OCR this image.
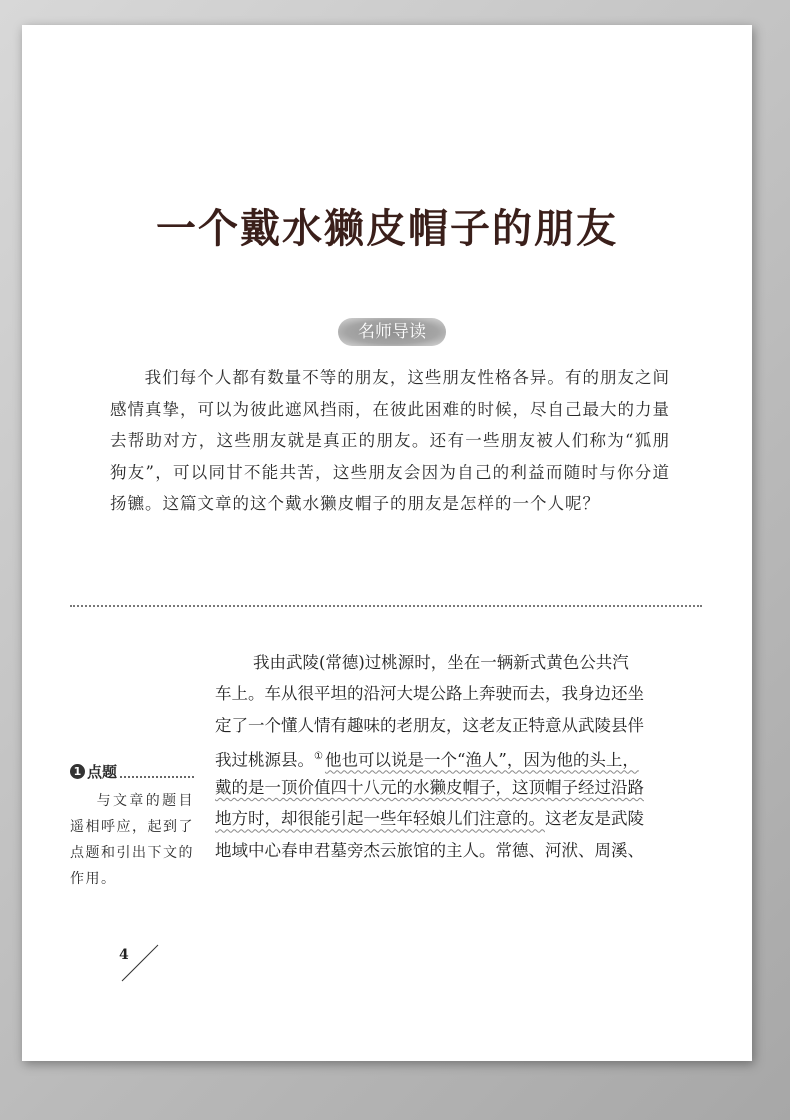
一个戴水獭皮帽子的朋友
名师导读

我们每个人都有数量不等的朋友，这些朋友性格各异。有的朋友之间感情真挚，可以为彼此遮风挡雨，在彼此困难的时候，尽自己最大的力量去帮助对方，这些朋友就是真正的朋友。还有一些朋友被人们称为“狐朋狗友”，可以同甘不能共苦，这些朋友会因为自己的利益而随时与你分道扬镳。这篇文章的这个戴水獭皮帽子的朋友是怎样的一个人呢？

1 点题
与文章的题目遥相呼应，起到了点题和引出下文的作用。
我由武陵(常德)过桃源时，坐在一辆新式黄色公共汽
车上。车从很平坦的沿河大堤公路上奔驶而去，我身边还坐
定了一个懂人情有趣味的老朋友，这老友正特意从武陵县伴
我过桃源县。① 他也可以说是一个“渔人”，因为他的头上，
戴的是一顶价值四十八元的水獭皮帽子，这顶帽子经过沿路
地方时，却很能引起一些年轻娘儿们注意的。这老友是武陵
地域中心春申君墓旁杰云旅馆的主人。常德、河洑、周溪、
4
